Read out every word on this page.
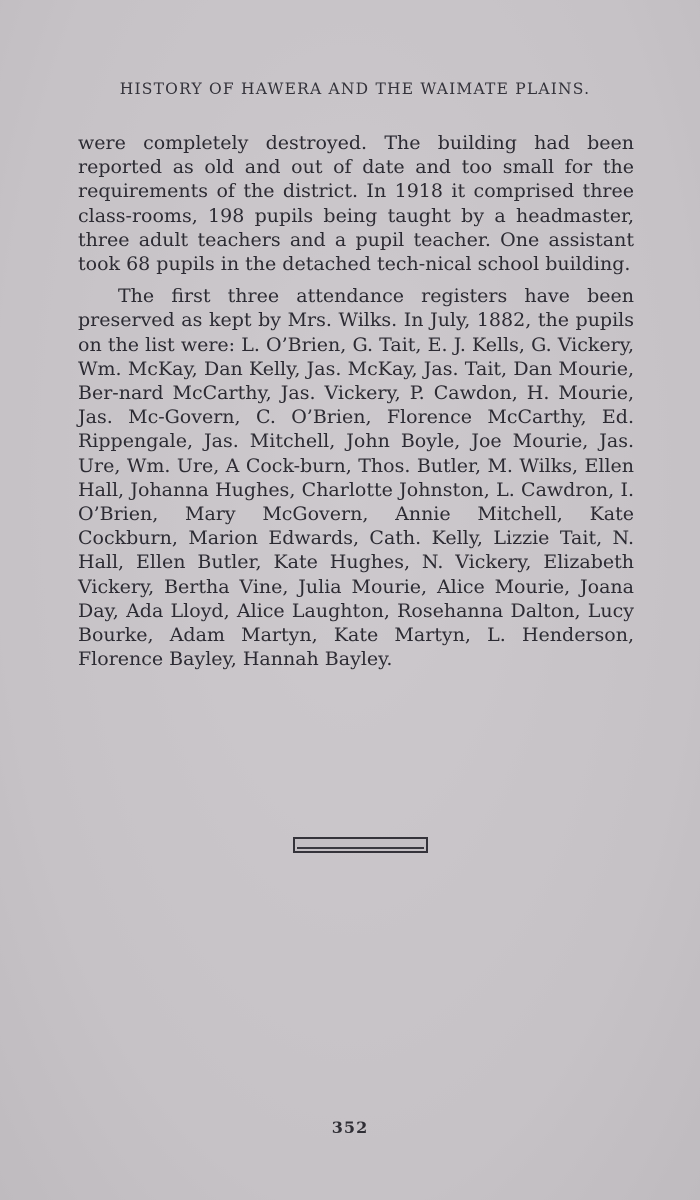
HISTORY OF HAWERA AND THE WAIMATE PLAINS.

were completely destroyed. The building had been reported as old and out of date and too small for the requirements of the district. In 1918 it comprised three class-rooms, 198 pupils being taught by a headmaster, three adult teachers and a pupil teacher. One assistant took 68 pupils in the detached tech-nical school building.

The first three attendance registers have been preserved as kept by Mrs. Wilks. In July, 1882, the pupils on the list were: L. O’Brien, G. Tait, E. J. Kells, G. Vickery, Wm. McKay, Dan Kelly, Jas. McKay, Jas. Tait, Dan Mourie, Ber-nard McCarthy, Jas. Vickery, P. Cawdon, H. Mourie, Jas. Mc-Govern, C. O’Brien, Florence McCarthy, Ed. Rippengale, Jas. Mitchell, John Boyle, Joe Mourie, Jas. Ure, Wm. Ure, A Cock-burn, Thos. Butler, M. Wilks, Ellen Hall, Johanna Hughes, Charlotte Johnston, L. Cawdron, I. O’Brien, Mary McGovern, Annie Mitchell, Kate Cockburn, Marion Edwards, Cath. Kelly, Lizzie Tait, N. Hall, Ellen Butler, Kate Hughes, N. Vickery, Elizabeth Vickery, Bertha Vine, Julia Mourie, Alice Mourie, Joana Day, Ada Lloyd, Alice Laughton, Rosehanna Dalton, Lucy Bourke, Adam Martyn, Kate Martyn, L. Henderson, Florence Bayley, Hannah Bayley.

352
